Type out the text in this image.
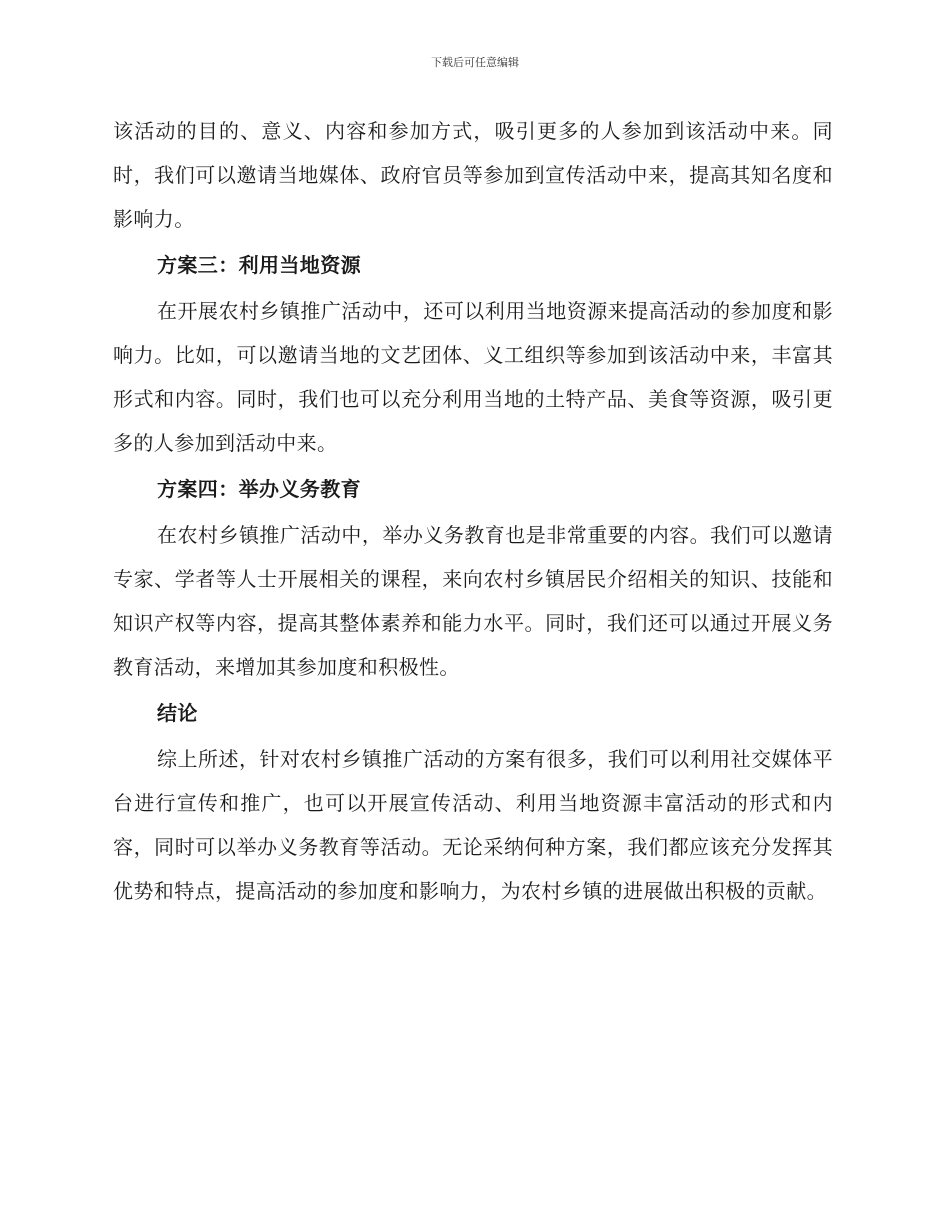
下载后可任意编辑

该活动的目的、意义、内容和参加方式，吸引更多的人参加到该活动中来。同时，我们可以邀请当地媒体、政府官员等参加到宣传活动中来，提高其知名度和影响力。

方案三：利用当地资源

在开展农村乡镇推广活动中，还可以利用当地资源来提高活动的参加度和影响力。比如，可以邀请当地的文艺团体、义工组织等参加到该活动中来，丰富其形式和内容。同时，我们也可以充分利用当地的土特产品、美食等资源，吸引更多的人参加到活动中来。

方案四：举办义务教育

在农村乡镇推广活动中，举办义务教育也是非常重要的内容。我们可以邀请专家、学者等人士开展相关的课程，来向农村乡镇居民介绍相关的知识、技能和知识产权等内容，提高其整体素养和能力水平。同时，我们还可以通过开展义务教育活动，来增加其参加度和积极性。

结论

综上所述，针对农村乡镇推广活动的方案有很多，我们可以利用社交媒体平台进行宣传和推广，也可以开展宣传活动、利用当地资源丰富活动的形式和内容，同时可以举办义务教育等活动。无论采纳何种方案，我们都应该充分发挥其优势和特点，提高活动的参加度和影响力，为农村乡镇的进展做出积极的贡献。
